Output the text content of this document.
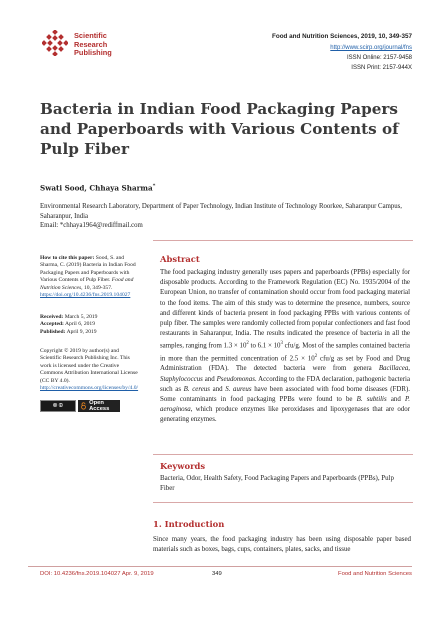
Scientific
Research
Publishing
Food and Nutrition Sciences, 2019, 10, 349-357
http://www.scirp.org/journal/fns
ISSN Online: 2157-9458
ISSN Print: 2157-944X
Bacteria in Indian Food Packaging Papers and Paperboards with Various Contents of Pulp Fiber
Swati Sood, Chhaya Sharma*
Environmental Research Laboratory, Department of Paper Technology, Indian Institute of Technology Roorkee, Saharanpur Campus, Saharanpur, India
Email: *chhaya1964@rediffmail.com
How to cite this paper: Sood, S. and Sharma, C. (2019) Bacteria in Indian Food Packaging Papers and Paperboards with Various Contents of Pulp Fiber. Food and Nutrition Sciences, 10, 349-357.
https://doi.org/10.4236/fns.2019.104027
Received: March 5, 2019
Accepted: April 6, 2019
Published: April 9, 2019
Copyright © 2019 by author(s) and Scientific Research Publishing Inc. This work is licensed under the Creative Commons Attribution International License (CC BY 4.0).
http://creativecommons.org/licenses/by/4.0/
🅭 🅯	Open Access
Abstract

The food packaging industry generally uses papers and paperboards (PPBs) especially for disposable products. According to the Framework Regulation (EC) No. 1935/2004 of the European Union, no transfer of contamination should occur from food packaging material to the food items. The aim of this study was to determine the presence, numbers, source and different kinds of bacteria present in food packaging PPBs with various contents of pulp fiber. The samples were randomly collected from popular confectioners and fast food restaurants in Saharanpur, India. The results indicated the presence of bacteria in all the samples, ranging from $1.3 \times 10^2$ to $6.1 \times 10^3$ cfu/g. Most of the samples contained bacteria in more than the permitted concentration of $2.5 \times 10^2$ cfu/g as set by Food and Drug Administration (FDA). The detected bacteria were from genera Bacillacea, Staphylococcus and Pseudomonas. According to the FDA declaration, pathogenic bacteria such as B. cereus and S. aureus have been associated with food borne diseases (FDR). Some contaminants in food packaging PPBs were found to be B. subtilis and P. aeroginosa, which produce enzymes like peroxidases and lipoxygenases that are odor generating enzymes.

Keywords

Bacteria, Odor, Health Safety, Food Packaging Papers and Paperboards (PPBs), Pulp Fiber

1. Introduction

Since many years, the food packaging industry has been using disposable paper based materials such as boxes, bags, cups, containers, plates, sacks, and tissue

DOI: 10.4236/fns.2019.104027 Apr. 9, 2019	349	Food and Nutrition Sciences
